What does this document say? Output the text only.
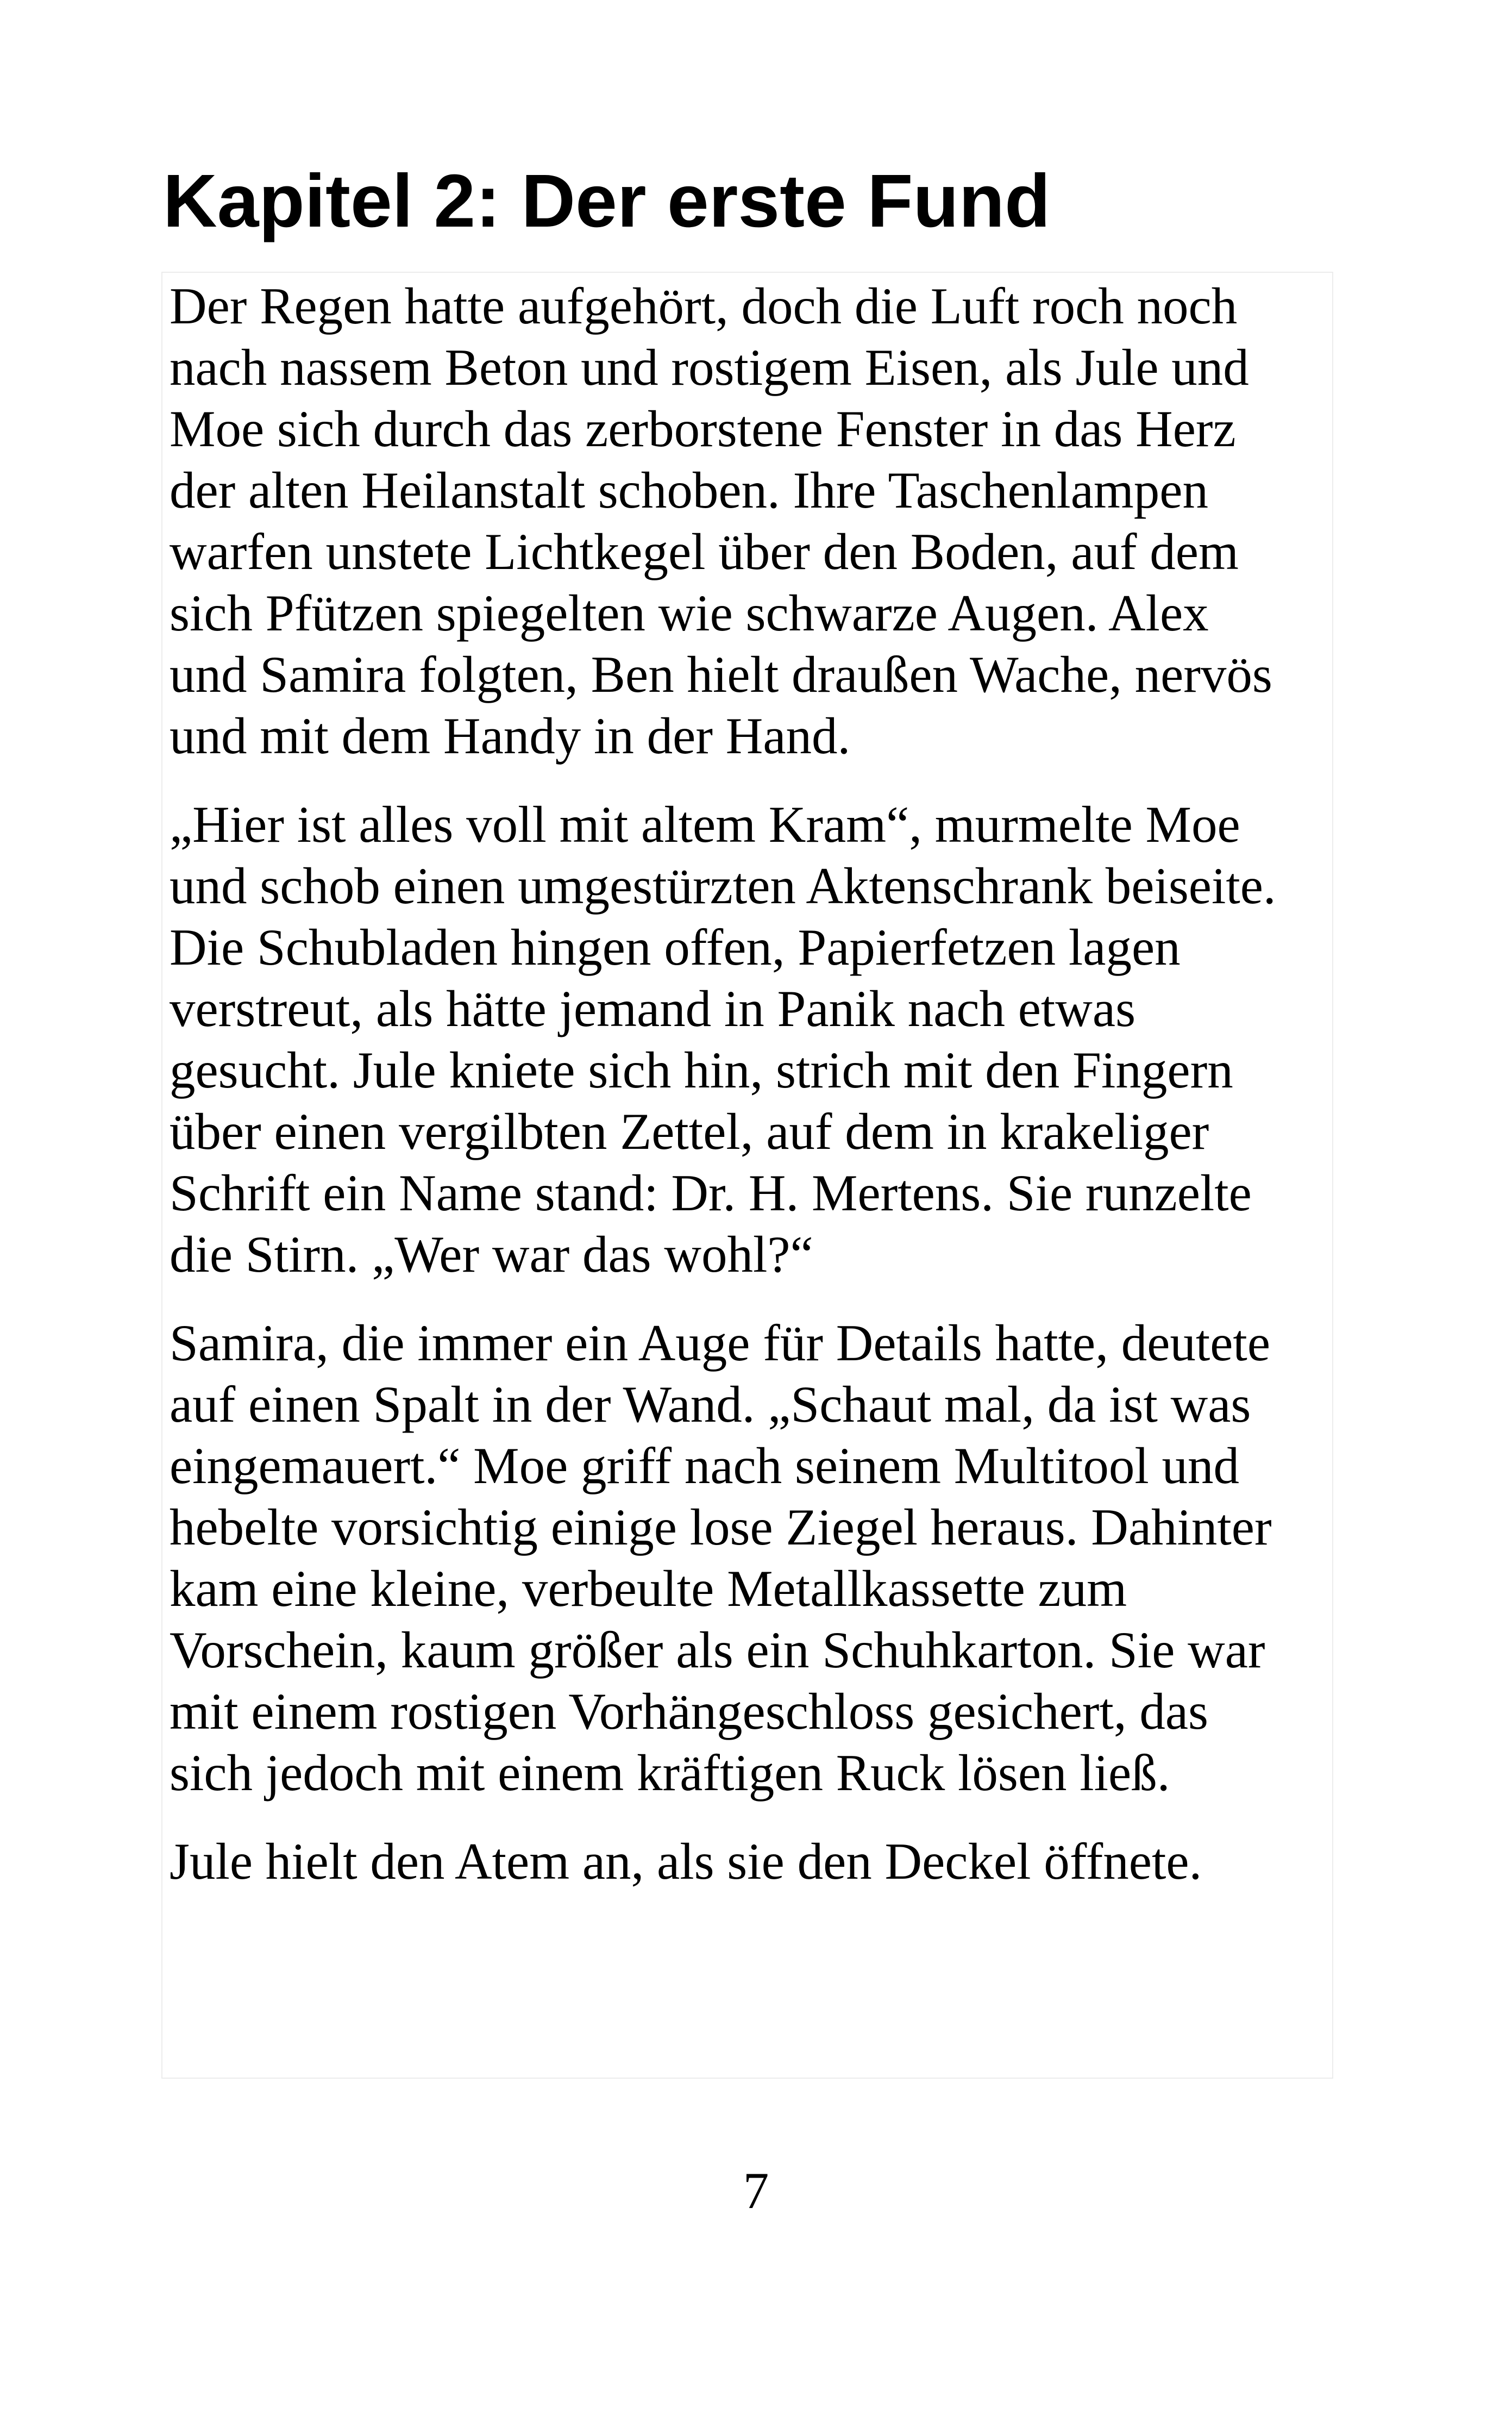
Kapitel 2: Der erste Fund

Der Regen hatte aufgehört, doch die Luft roch noch
nach nassem Beton und rostigem Eisen, als Jule und
Moe sich durch das zerborstene Fenster in das Herz
der alten Heilanstalt schoben. Ihre Taschenlampen
warfen unstete Lichtkegel über den Boden, auf dem
sich Pfützen spiegelten wie schwarze Augen. Alex
und Samira folgten, Ben hielt draußen Wache, nervös
und mit dem Handy in der Hand.

„Hier ist alles voll mit altem Kram“, murmelte Moe
und schob einen umgestürzten Aktenschrank beiseite.
Die Schubladen hingen offen, Papierfetzen lagen
verstreut, als hätte jemand in Panik nach etwas
gesucht. Jule kniete sich hin, strich mit den Fingern
über einen vergilbten Zettel, auf dem in krakeliger
Schrift ein Name stand: Dr. H. Mertens. Sie runzelte
die Stirn. „Wer war das wohl?“

Samira, die immer ein Auge für Details hatte, deutete
auf einen Spalt in der Wand. „Schaut mal, da ist was
eingemauert.“ Moe griff nach seinem Multitool und
hebelte vorsichtig einige lose Ziegel heraus. Dahinter
kam eine kleine, verbeulte Metallkassette zum
Vorschein, kaum größer als ein Schuhkarton. Sie war
mit einem rostigen Vorhängeschloss gesichert, das
sich jedoch mit einem kräftigen Ruck lösen ließ.

Jule hielt den Atem an, als sie den Deckel öffnete.

7
